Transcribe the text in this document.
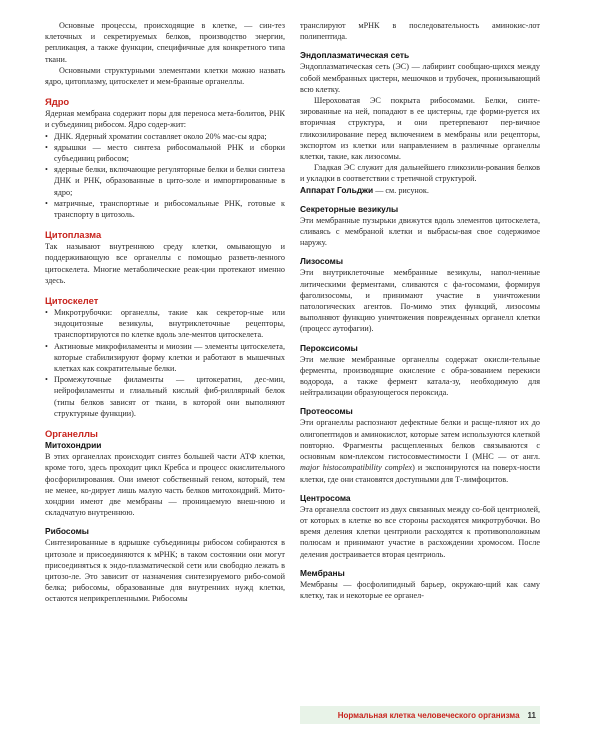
Основные процессы, происходящие в клетке, — син-тез клеточных и секретируемых белков, производство энергии, репликация, а также функции, специфичные для конкретного типа ткани.

Основными структурными элементами клетки можно назвать ядро, цитоплазму, цитоскелет и мем-бранные органеллы.

Ядро

Ядерная мембрана содержит поры для переноса мета-болитов, РНК и субъединиц рибосом. Ядро содер-жит:

• ДНК. Ядерный хроматин составляет около 20% мас-сы ядра;
• ядрышки — место синтеза рибосомальной РНК и сборки субъединиц рибосом;
• ядерные белки, включающие регуляторные белки и белки синтеза ДНК и РНК, образованные в цито-золе и импортированные в ядро;
• матричные, транспортные и рибосомальные РНК, готовые к транспорту в цитозоль.

Цитоплазма

Так называют внутреннюю среду клетки, омывающую и поддерживающую все органеллы с помощью разветв-ленного цитоскелета. Многие метаболические реак-ции протекают именно здесь.

Цитоскелет

• Микротрубочки: органеллы, такие как секретор-ные или эндоцитозные везикулы, внутриклеточные рецепторы, транспортируются по клетке вдоль эле-ментов цитоскелета.
• Актиновые микрофиламенты и миозин — элементы цитоскелета, которые стабилизируют форму клетки и работают в мышечных клетках как сократительные белки.
• Промежуточные филаменты — цитокератин, дес-мин, нейрофиламенты и глиальный кислый фиб-риллярный белок (типы белков зависят от ткани, в которой они выполняют структурные функции).

Органеллы

Митохондрии

В этих органеллах происходит синтез большей части АТФ клетки, кроме того, здесь проходит цикл Кребса и процесс окислительного фосфорилирования. Они имеют собственный геном, который, тем не менее, ко-дирует лишь малую часть белков митохондрий. Мито-хондрии имеют две мембраны — проницаемую внеш-нюю и складчатую внутреннюю.

Рибосомы

Синтезированные в ядрышке субъединицы рибосом собираются в цитозоле и присоединяются к мРНК; в таком состоянии они могут присоединяться к эндо-плазматической сети или свободно лежать в цитозо-ле. Это зависит от назначения синтезируемого рибо-сомой белка; рибосомы, образованные для внутренних нужд клетки, остаются неприкрепленными. Рибосомы

транслируют мРНК в последовательность аминокис-лот полипептида.

Эндоплазматическая сеть

Эндоплазматическая сеть (ЭС) — лабиринт сообщаю-щихся между собой мембранных цистерн, мешочков и трубочек, пронизывающий всю клетку.

Шероховатая ЭС покрыта рибосомами. Белки, синте-зированные на ней, попадают в ее цистерны, где форми-руется их вторичная структура, и они претерпевают пер-вичное гликозилирование перед включением в мембраны или рецепторы, экспортом из клетки или направлением в различные органеллы клетки, такие, как лизосомы.

Гладкая ЭС служит для дальнейшего гликозили-рования белков и укладки в соответствии с третичной структурой.

Аппарат Гольджи — см. рисунок.

Секреторные везикулы

Эти мембранные пузырьки движутся вдоль элементов цитоскелета, сливаясь с мембраной клетки и выбрасы-вая свое содержимое наружу.

Лизосомы

Эти внутриклеточные мембранные везикулы, напол-ненные литическими ферментами, сливаются с фа-госомами, формируя фаголизосомы, и принимают участие в уничтожении патологических агентов. По-мимо этих функций, лизосомы выполняют функцию уничтожения поврежденных органелл клетки (процесс аутофагии).

Пероксисомы

Эти мелкие мембранные органеллы содержат окисли-тельные ферменты, производящие окисление с обра-зованием перекиси водорода, а также фермент катала-зу, необходимую для нейтрализации образующегося пероксида.

Протеосомы

Эти органеллы распознают дефектные белки и расще-пляют их до олигопептидов и аминокислот, которые затем используются клеткой повторно. Фрагменты расщепленных белков связываются с основным ком-плексом гистосовместимости I (МНС — от англ. major histocompatibility complex) и экспонируются на поверх-ности клетки, где они становятся доступными для Т-лимфоцитов.

Центросома

Эта органелла состоит из двух связанных между со-бой центриолей, от которых в клетке во все стороны расходятся микротрубочки. Во время деления клетки центриоли расходятся к противоположным полюсам и принимают участие в расхождении хромосом. После деления достраивается вторая центриоль.

Мембраны

Мембраны — фосфолипидный барьер, окружаю-щий как саму клетку, так и некоторые ее органел-

Нормальная клетка человеческого организма 11
